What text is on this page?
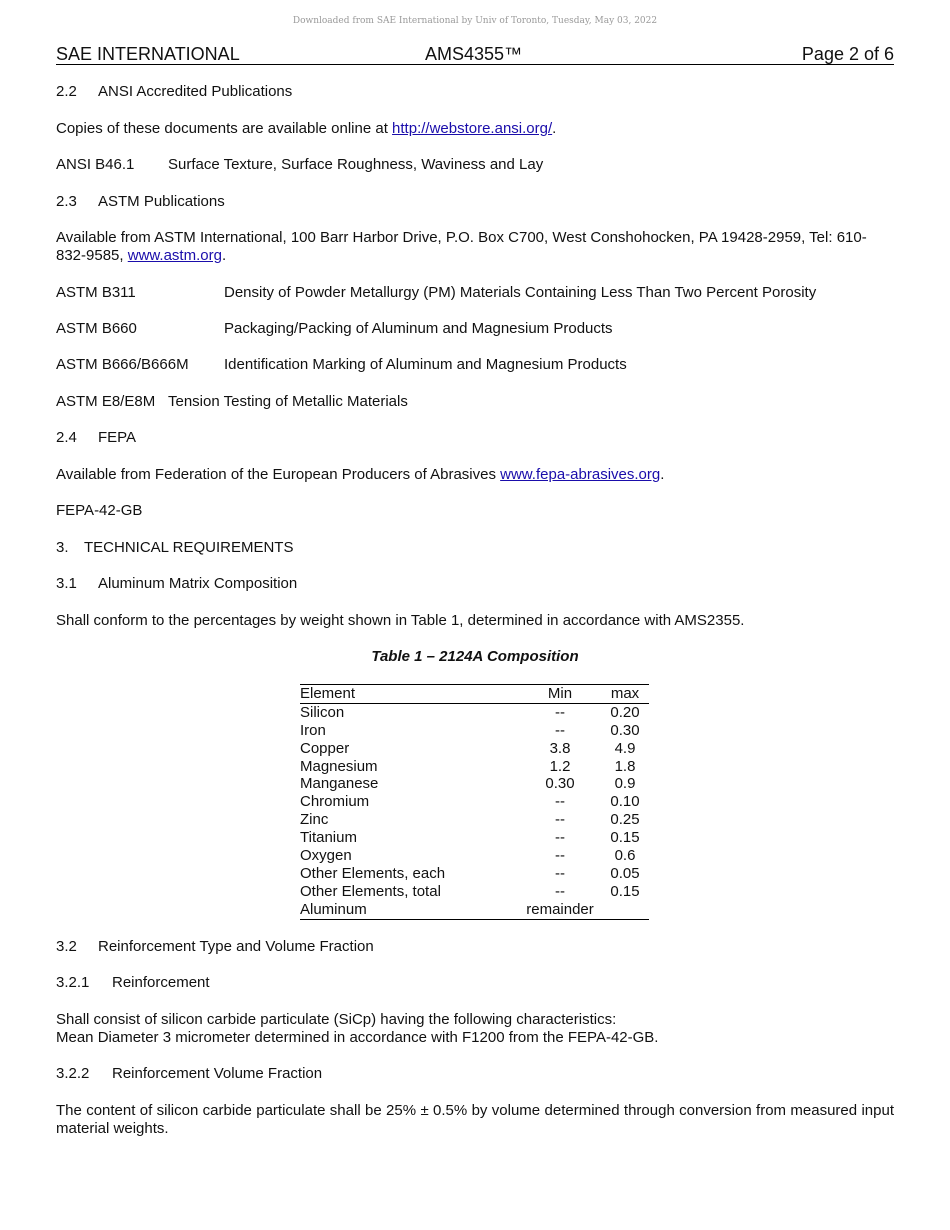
Downloaded from SAE International by Univ of Toronto, Tuesday, May 03, 2022
SAE INTERNATIONAL	AMS4355™	Page 2 of 6

2.2 ANSI Accredited Publications

Copies of these documents are available online at http://webstore.ansi.org/.

ANSI B46.1 Surface Texture, Surface Roughness, Waviness and Lay

2.3 ASTM Publications

Available from ASTM International, 100 Barr Harbor Drive, P.O. Box C700, West Conshohocken, PA 19428-2959, Tel: 610-832-9585, www.astm.org.

ASTM B311	Density of Powder Metallurgy (PM) Materials Containing Less Than Two Percent Porosity

ASTM B660	Packaging/Packing of Aluminum and Magnesium Products

ASTM B666/B666M Identification Marking of Aluminum and Magnesium Products

ASTM E8/E8M Tension Testing of Metallic Materials

2.4 FEPA

Available from Federation of the European Producers of Abrasives www.fepa-abrasives.org.

FEPA-42-GB

3. TECHNICAL REQUIREMENTS

3.1 Aluminum Matrix Composition

Shall conform to the percentages by weight shown in Table 1, determined in accordance with AMS2355.

Table 1 – 2124A Composition

Element	Min	max
Silicon	--	0.20
Iron	--	0.30
Copper	3.8	4.9
Magnesium	1.2	1.8
Manganese	0.30	0.9
Chromium	--	0.10
Zinc	--	0.25
Titanium	--	0.15
Oxygen	--	0.6
Other Elements, each	--	0.05
Other Elements, total	--	0.15
Aluminum	remainder

3.2 Reinforcement Type and Volume Fraction

3.2.1 Reinforcement

Shall consist of silicon carbide particulate (SiCp) having the following characteristics:

Mean Diameter 3 micrometer determined in accordance with F1200 from the FEPA-42-GB.

3.2.2 Reinforcement Volume Fraction

The content of silicon carbide particulate shall be 25% ± 0.5% by volume determined through conversion from measured input material weights.
